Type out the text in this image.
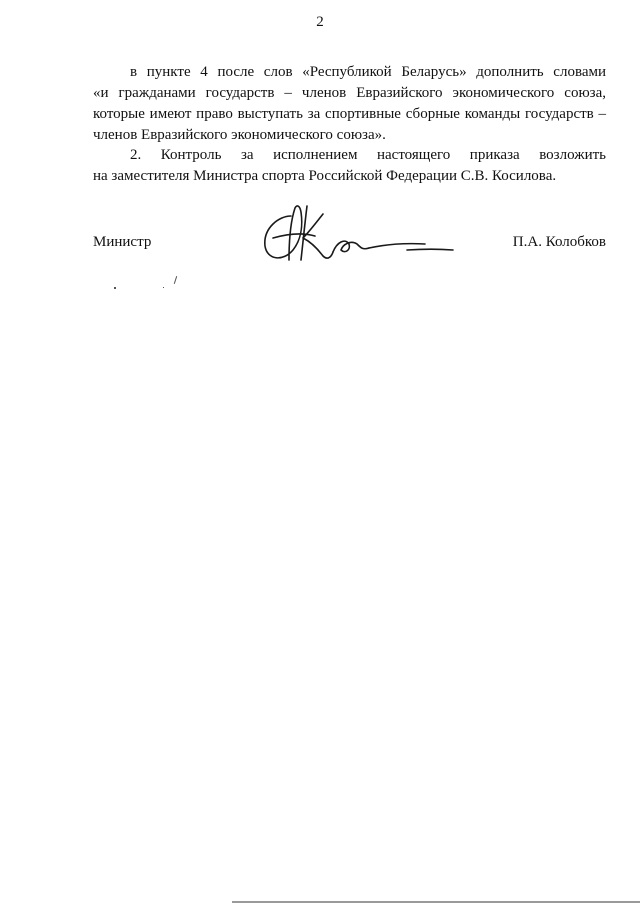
2
в пункте 4 после слов «Республикой Беларусь» дополнить словами
«и гражданами государств – членов Евразийского экономического союза,
которые имеют право выступать за спортивные сборные команды государств –
членов Евразийского экономического союза».
2. Контроль за исполнением настоящего приказа возложить
на заместителя Министра спорта Российской Федерации С.В. Косилова.
Министр	П.А. Колобков
